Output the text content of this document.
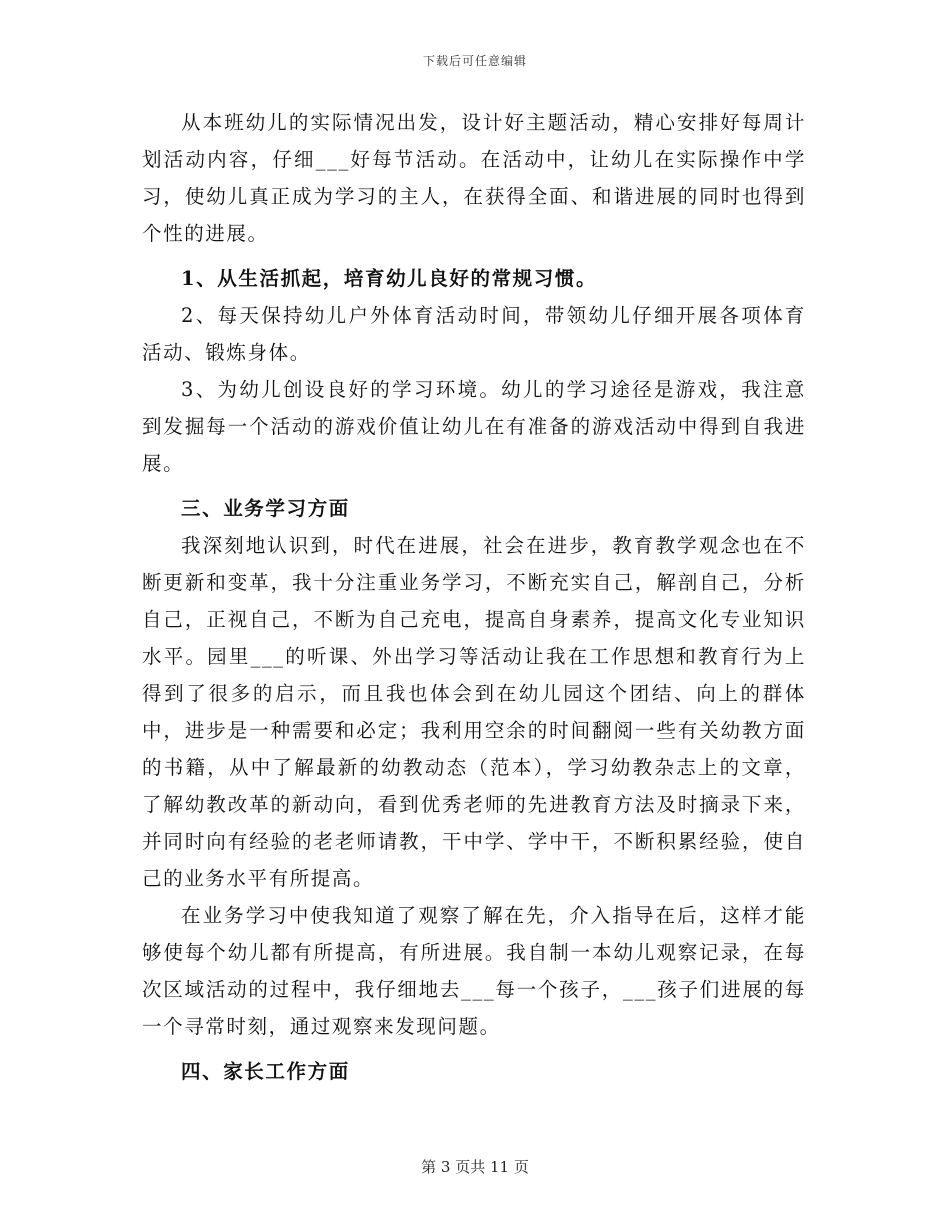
下载后可任意编辑

从本班幼儿的实际情况出发，设计好主题活动，精心安排好每周计划活动内容，仔细___好每节活动。在活动中，让幼儿在实际操作中学习，使幼儿真正成为学习的主人，在获得全面、和谐进展的同时也得到个性的进展。

1、从生活抓起，培育幼儿良好的常规习惯。

2、每天保持幼儿户外体育活动时间，带领幼儿仔细开展各项体育活动、锻炼身体。

3、为幼儿创设良好的学习环境。幼儿的学习途径是游戏，我注意到发掘每一个活动的游戏价值让幼儿在有准备的游戏活动中得到自我进展。

三、业务学习方面

我深刻地认识到，时代在进展，社会在进步，教育教学观念也在不断更新和变革，我十分注重业务学习，不断充实自己，解剖自己，分析自己，正视自己，不断为自己充电，提高自身素养，提高文化专业知识水平。园里___的听课、外出学习等活动让我在工作思想和教育行为上得到了很多的启示，而且我也体会到在幼儿园这个团结、向上的群体中，进步是一种需要和必定；我利用空余的时间翻阅一些有关幼教方面的书籍，从中了解最新的幼教动态（范本），学习幼教杂志上的文章，了解幼教改革的新动向，看到优秀老师的先进教育方法及时摘录下来，并同时向有经验的老老师请教，干中学、学中干，不断积累经验，使自己的业务水平有所提高。

在业务学习中使我知道了观察了解在先，介入指导在后，这样才能够使每个幼儿都有所提高，有所进展。我自制一本幼儿观察记录，在每次区域活动的过程中，我仔细地去___每一个孩子，___孩子们进展的每一个寻常时刻，通过观察来发现问题。

四、家长工作方面

第 3 页共 11 页
